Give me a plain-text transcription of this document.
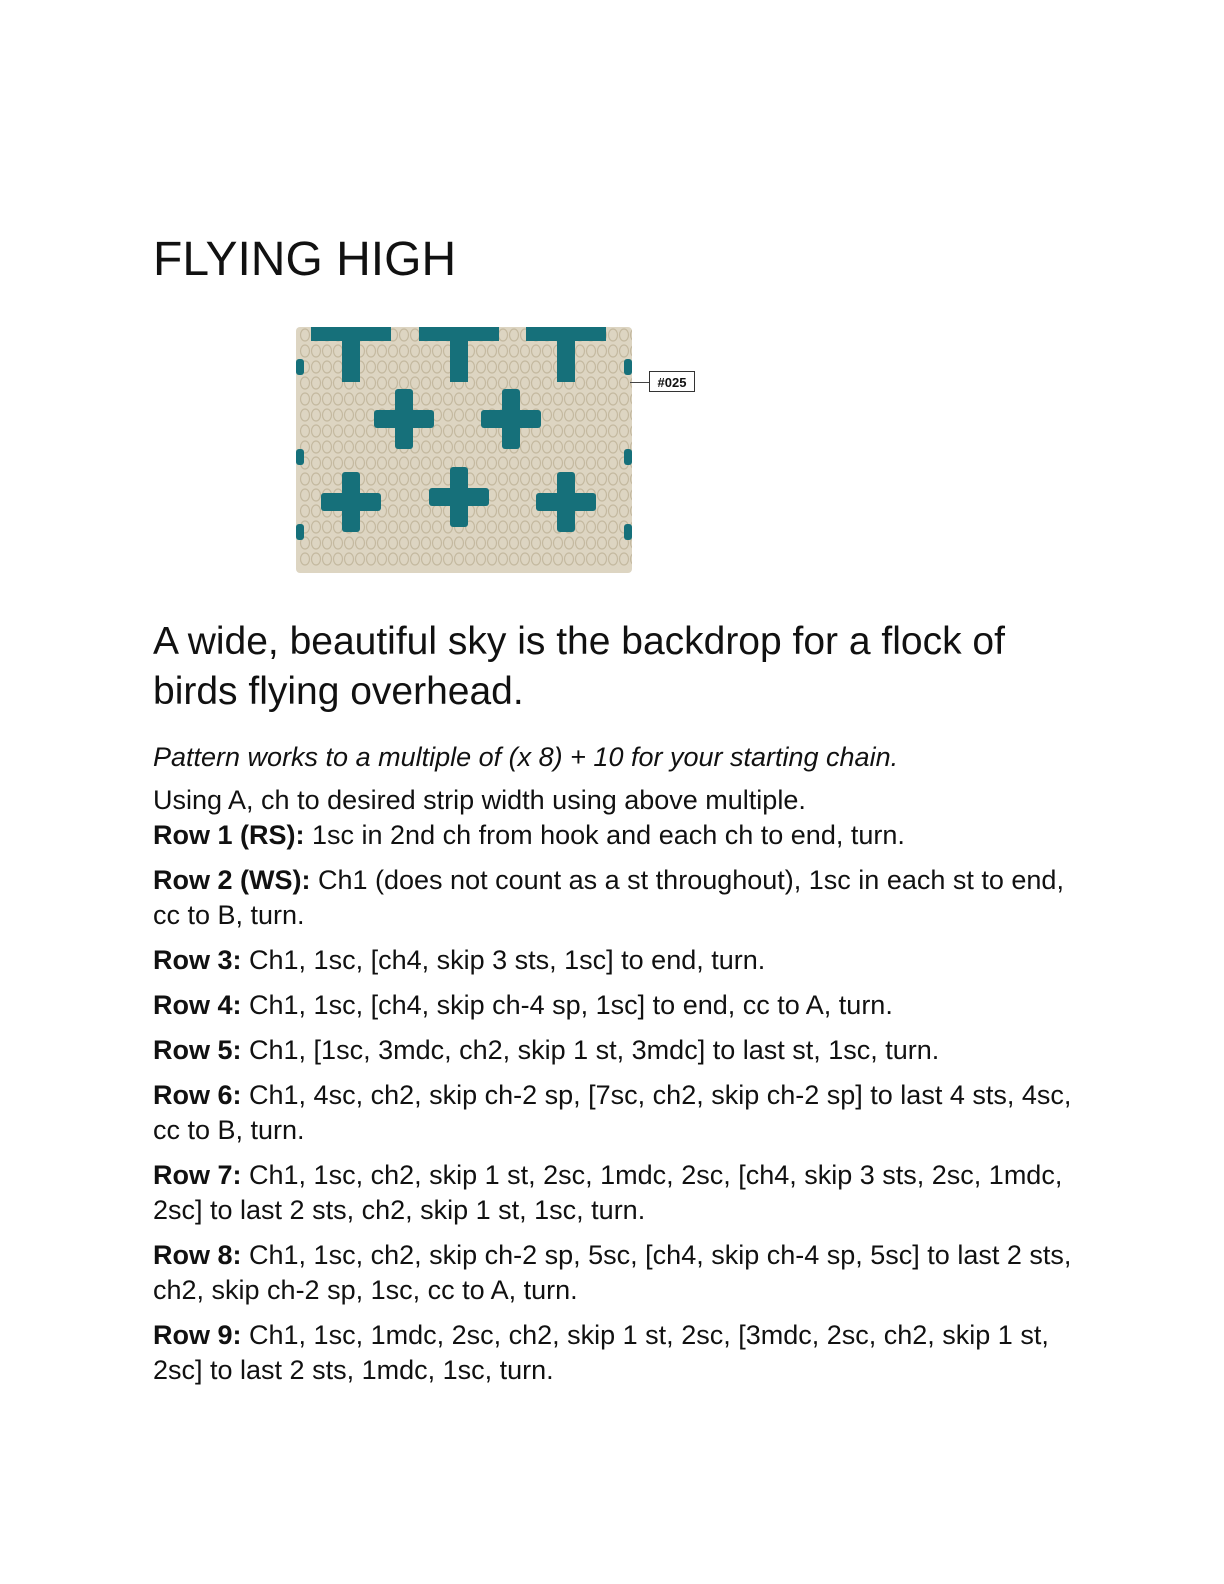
FLYING HIGH
#025

A wide, beautiful sky is the backdrop for a flock of birds flying overhead.

Pattern works to a multiple of (x 8) + 10 for your starting chain.

Using A, ch to desired strip width using above multiple.

Row 1 (RS): 1sc in 2nd ch from hook and each ch to end, turn.

Row 2 (WS): Ch1 (does not count as a st throughout), 1sc in each st to end, cc to B, turn.

Row 3: Ch1, 1sc, [ch4, skip 3 sts, 1sc] to end, turn.

Row 4: Ch1, 1sc, [ch4, skip ch-4 sp, 1sc] to end, cc to A, turn.

Row 5: Ch1, [1sc, 3mdc, ch2, skip 1 st, 3mdc] to last st, 1sc, turn.

Row 6: Ch1, 4sc, ch2, skip ch-2 sp, [7sc, ch2, skip ch-2 sp] to last 4 sts, 4sc, cc to B, turn.

Row 7: Ch1, 1sc, ch2, skip 1 st, 2sc, 1mdc, 2sc, [ch4, skip 3 sts, 2sc, 1mdc, 2sc] to last 2 sts, ch2, skip 1 st, 1sc, turn.

Row 8: Ch1, 1sc, ch2, skip ch-2 sp, 5sc, [ch4, skip ch-4 sp, 5sc] to last 2 sts, ch2, skip ch-2 sp, 1sc, cc to A, turn.

Row 9: Ch1, 1sc, 1mdc, 2sc, ch2, skip 1 st, 2sc, [3mdc, 2sc, ch2, skip 1 st, 2sc] to last 2 sts, 1mdc, 1sc, turn.
